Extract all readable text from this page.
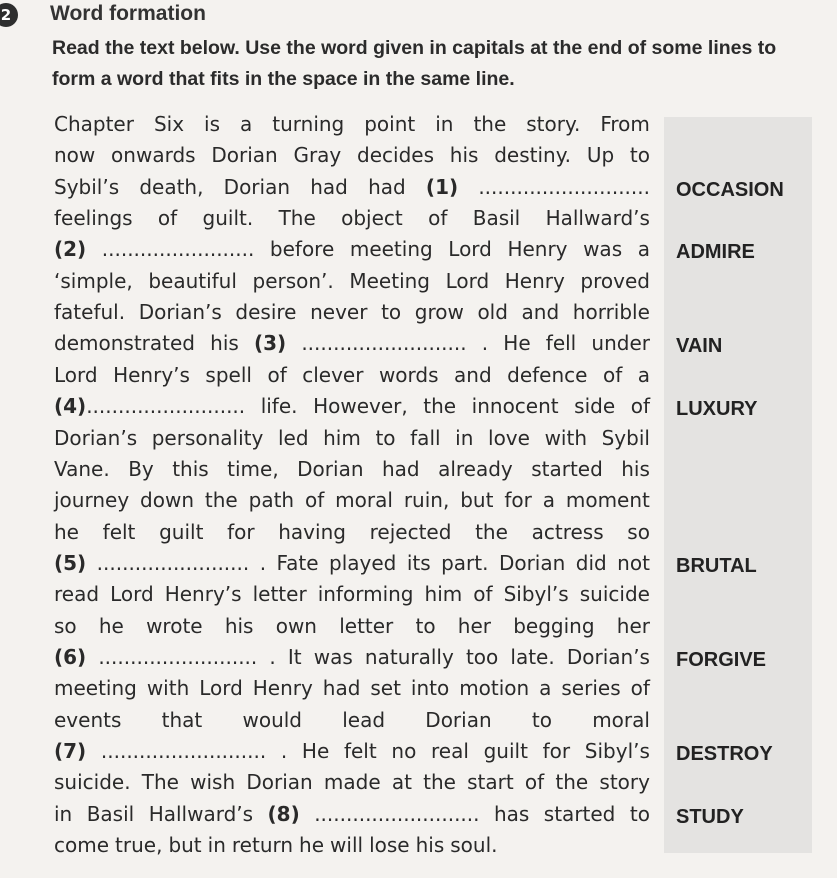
2 Word formation
Read the text below. Use the word given in capitals at the end of some lines to form a word that fits in the space in the same line.
Chapter Six is a turning point in the story. From
now onwards Dorian Gray decides his destiny. Up to
Sybil’s death, Dorian had had (1) ...........................
feelings of guilt. The object of Basil Hallward’s
(2) ........................ before meeting Lord Henry was a
‘simple, beautiful person’. Meeting Lord Henry proved
fateful. Dorian’s desire never to grow old and horrible
demonstrated his (3) .......................... . He fell under
Lord Henry’s spell of clever words and defence of a
(4)......................... life. However, the innocent side of
Dorian’s personality led him to fall in love with Sybil
Vane. By this time, Dorian had already started his
journey down the path of moral ruin, but for a moment
he felt guilt for having rejected the actress so
(5) ........................ . Fate played its part. Dorian did not
read Lord Henry’s letter informing him of Sibyl’s suicide
so he wrote his own letter to her begging her
(6) ......................... . It was naturally too late. Dorian’s
meeting with Lord Henry had set into motion a series of
events that would lead Dorian to moral
(7) .......................... . He felt no real guilt for Sibyl’s
suicide. The wish Dorian made at the start of the story
in Basil Hallward’s (8) .......................... has started to
come true, but in return he will lose his soul.
OCCASION
ADMIRE
VAIN
LUXURY
BRUTAL
FORGIVE
DESTROY
STUDY
